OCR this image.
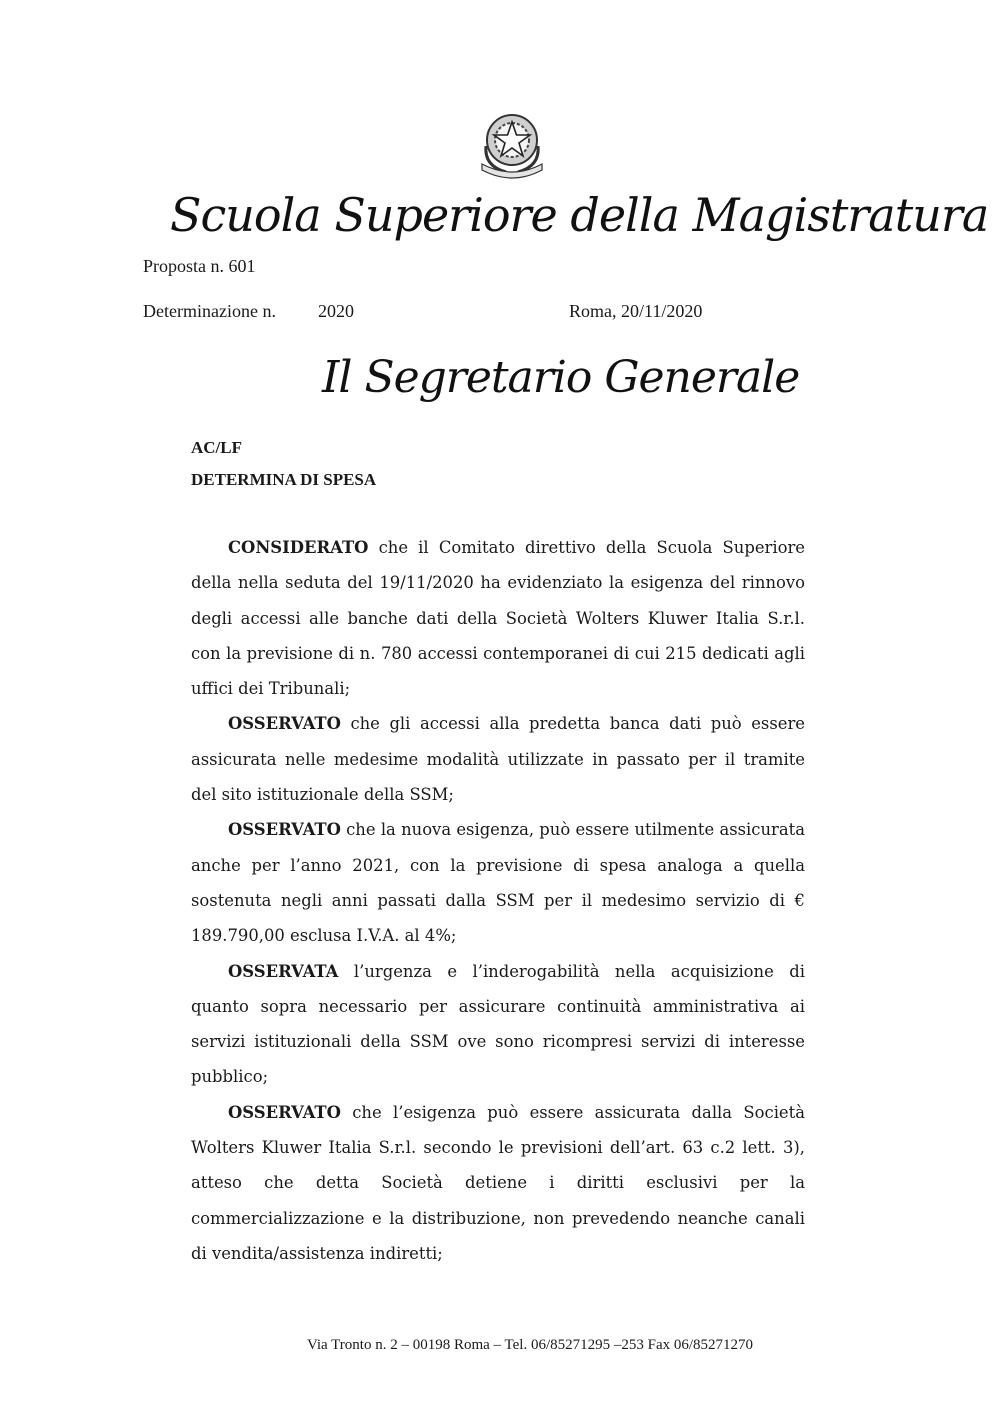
Scuola Superiore della Magistratura
Proposta n. 601
Determinazione n. 2020	Roma, 20/11/2020
Il Segretario Generale
AC/LF
DETERMINA DI SPESA

CONSIDERATO che il Comitato direttivo della Scuola Superiore della nella seduta del 19/11/2020 ha evidenziato la esigenza del rinnovo degli accessi alle banche dati della Società Wolters Kluwer Italia S.r.l. con la previsione di n. 780 accessi contemporanei di cui 215 dedicati agli uffici dei Tribunali;

OSSERVATO che gli accessi alla predetta banca dati può essere assicurata nelle medesime modalità utilizzate in passato per il tramite del sito istituzionale della SSM;

OSSERVATO che la nuova esigenza, può essere utilmente assicurata anche per l’anno 2021, con la previsione di spesa analoga a quella sostenuta negli anni passati dalla SSM per il medesimo servizio di € 189.790,00 esclusa I.V.A. al 4%;

OSSERVATA l’urgenza e l’inderogabilità nella acquisizione di quanto sopra necessario per assicurare continuità amministrativa ai servizi istituzionali della SSM ove sono ricompresi servizi di interesse pubblico;

OSSERVATO che l’esigenza può essere assicurata dalla Società Wolters Kluwer Italia S.r.l. secondo le previsioni dell’art. 63 c.2 lett. 3), atteso che detta Società detiene i diritti esclusivi per la commercializzazione e la distribuzione, non prevedendo neanche canali di vendita/assistenza indiretti;

Via Tronto n. 2 – 00198 Roma – Tel. 06/85271295 –253 Fax 06/85271270
